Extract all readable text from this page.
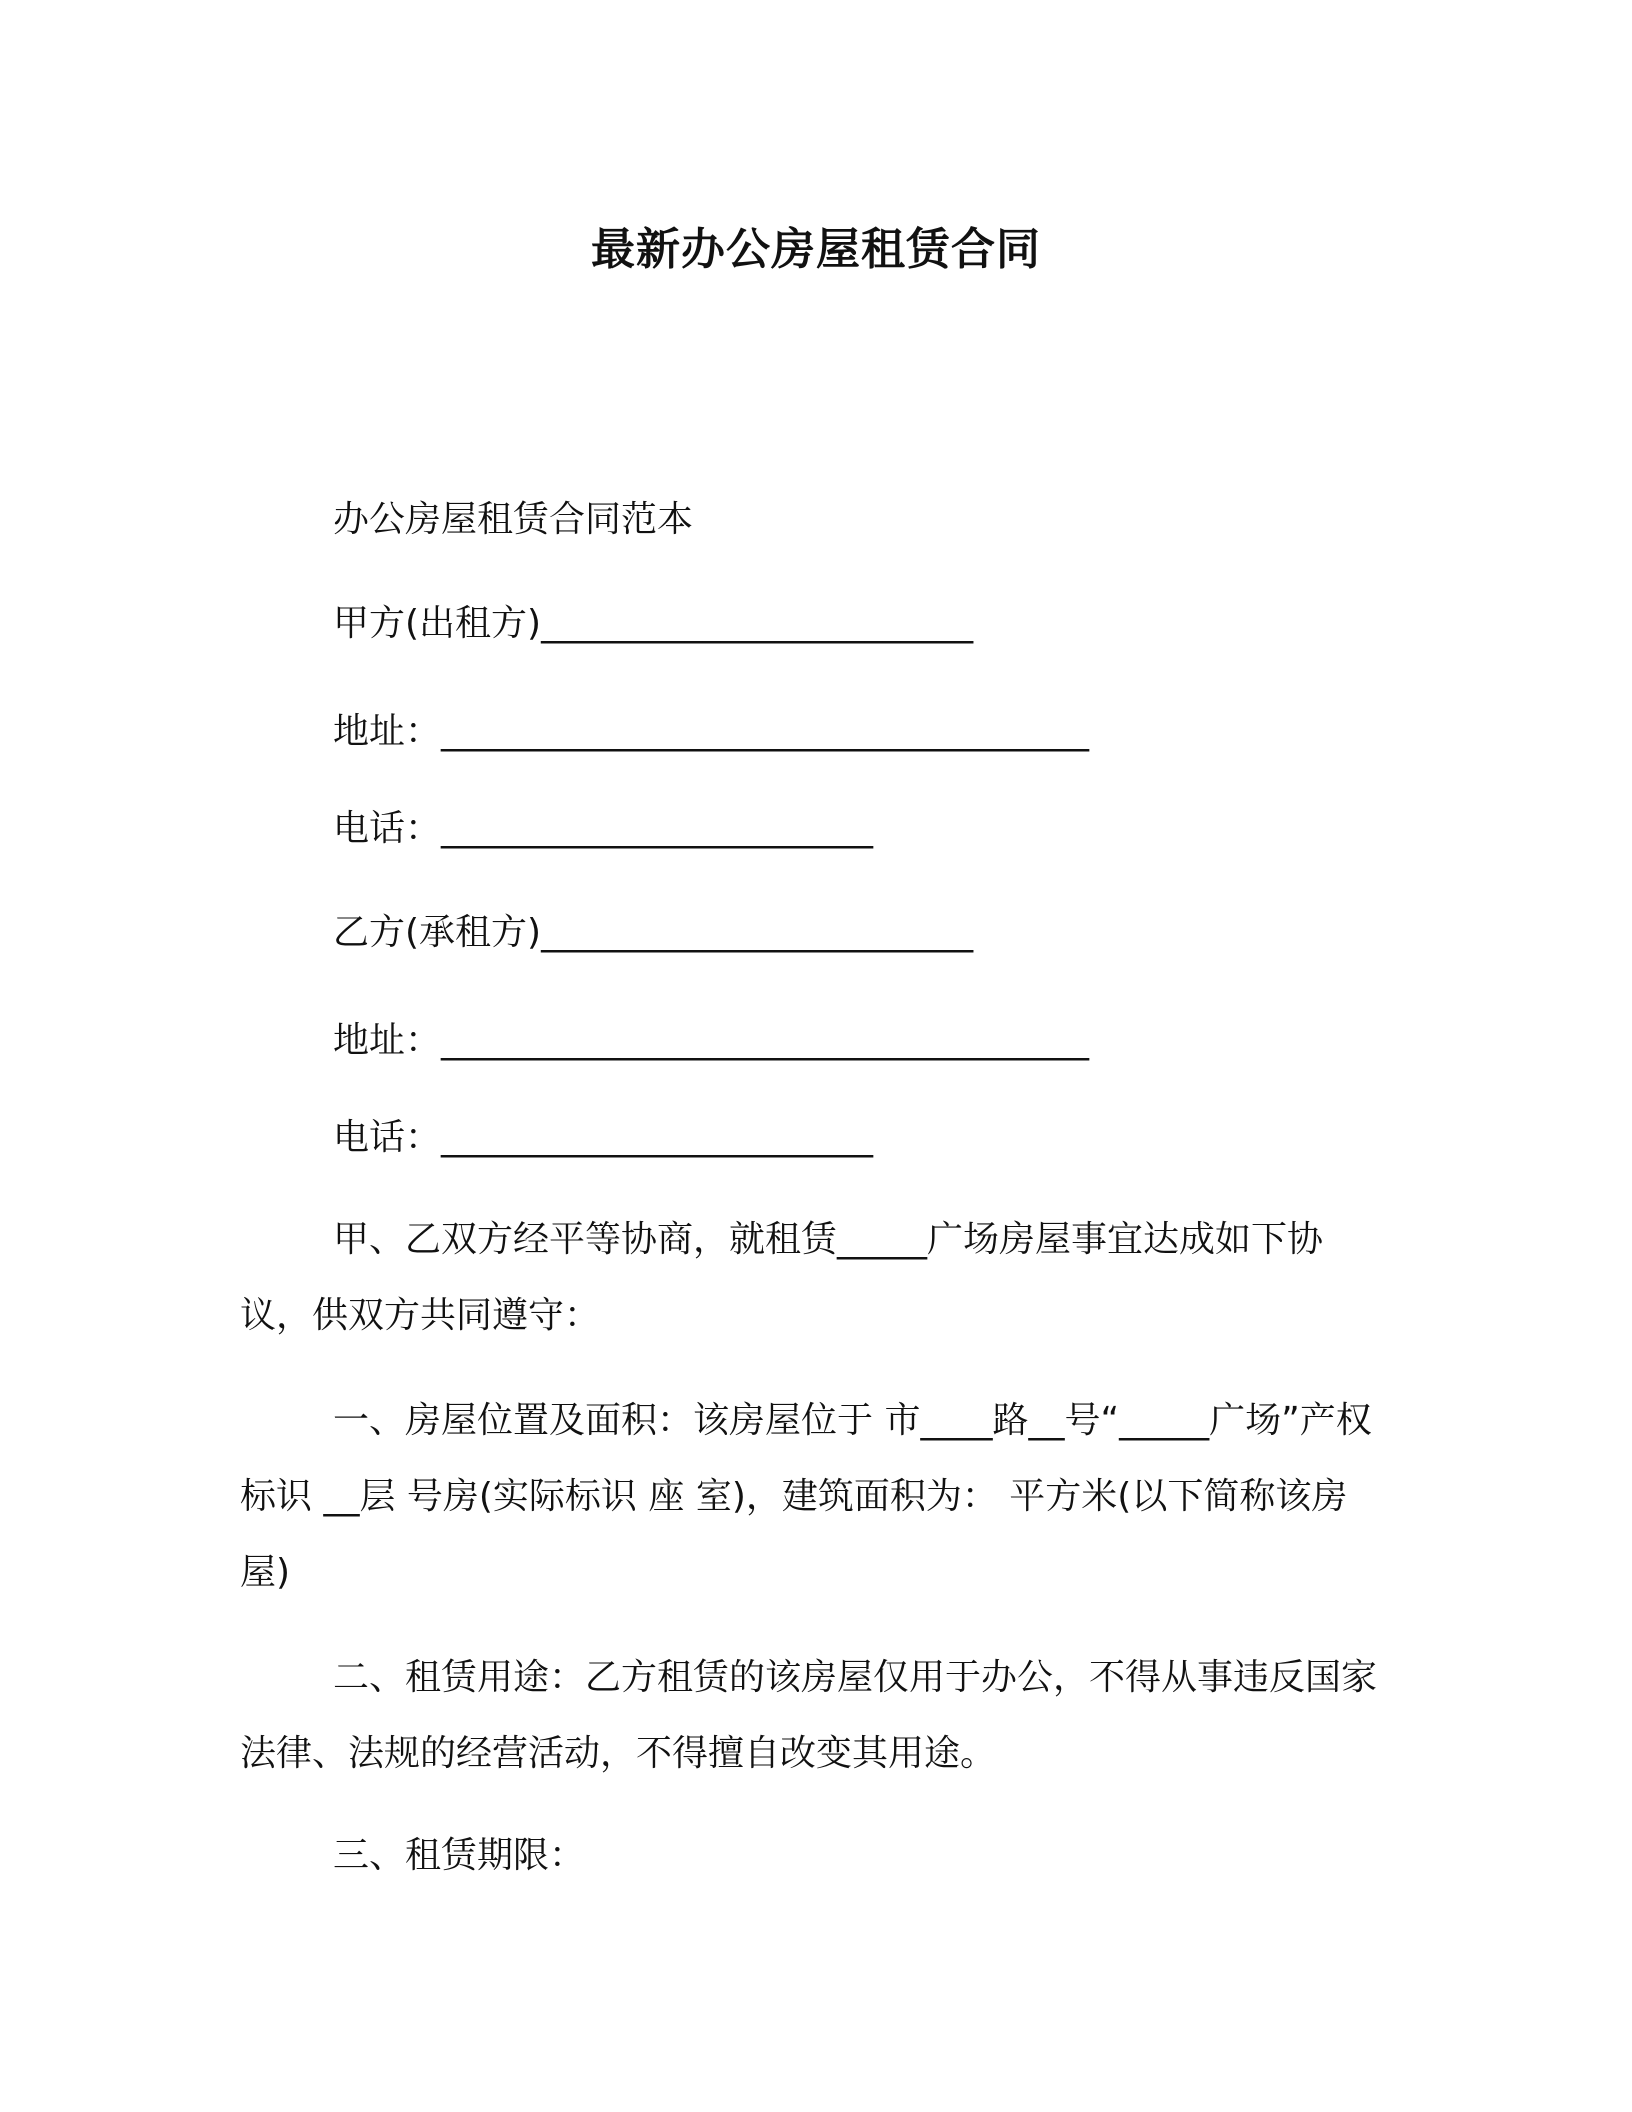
最新办公房屋租赁合同
办公房屋租赁合同范本
甲方(出租方)________________________
地址：____________________________________
电话：________________________
乙方(承租方)________________________
地址：____________________________________
电话：________________________
甲、乙双方经平等协商，就租赁_____广场房屋事宜达成如下协议，供双方共同遵守：
一、房屋位置及面积：该房屋位于 市____路__号“_____广场”产权标识 __层 号房(实际标识 座 室)，建筑面积为： 平方米(以下简称该房屋)
二、租赁用途：乙方租赁的该房屋仅用于办公，不得从事违反国家法律、法规的经营活动，不得擅自改变其用途。
三、租赁期限：
